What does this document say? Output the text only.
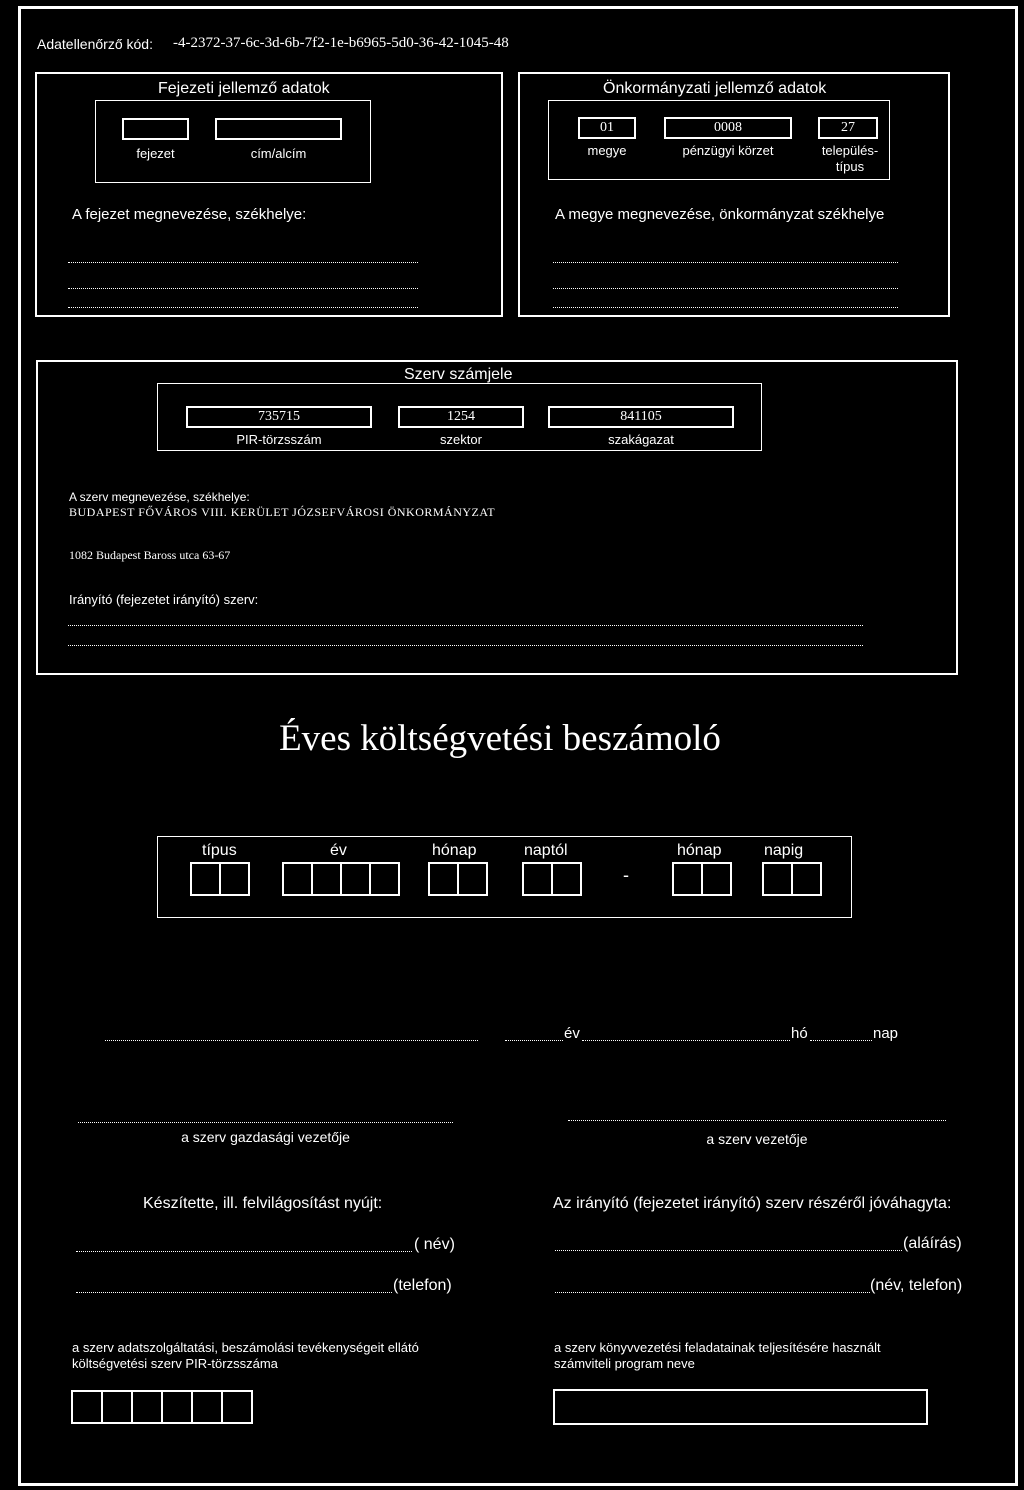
Adatellenőrző kód: -4-2372-37-6c-3d-6b-7f2-1e-b6965-5d0-36-42-1045-48
Fejezeti jellemző adatok
fejezet	cím/alcím
A fejezet megnevezése, székhelye:
Önkormányzati jellemző adatok
01
megye
0008
pénzügyi körzet
27
település-
típus
A megye megnevezése, önkormányzat székhelye
Szerv számjele
735715
PIR-törzsszám
1254
szektor
841105
szakágazat
A szerv megnevezése, székhelye:
BUDAPEST FŐVÁROS VIII. KERÜLET JÓZSEFVÁROSI ÖNKORMÁNYZAT
1082 Budapest Baross utca 63-67
Irányító (fejezetet irányító) szerv:
Éves költségvetési beszámoló
típus	év	hónap	naptól	hónap	napig
-
év	hó	nap
a szerv gazdasági vezetője	a szerv vezetője
Készítette, ill. felvilágosítást nyújt:
( név)
(telefon)
Az irányító (fejezetet irányító) szerv részéről jóváhagyta:
(aláírás)
(név, telefon)
a szerv adatszolgáltatási, beszámolási tevékenységeit ellátó
költségvetési szerv PIR-törzsszáma
a szerv könyvvezetési feladatainak teljesítésére használt
számviteli program neve
